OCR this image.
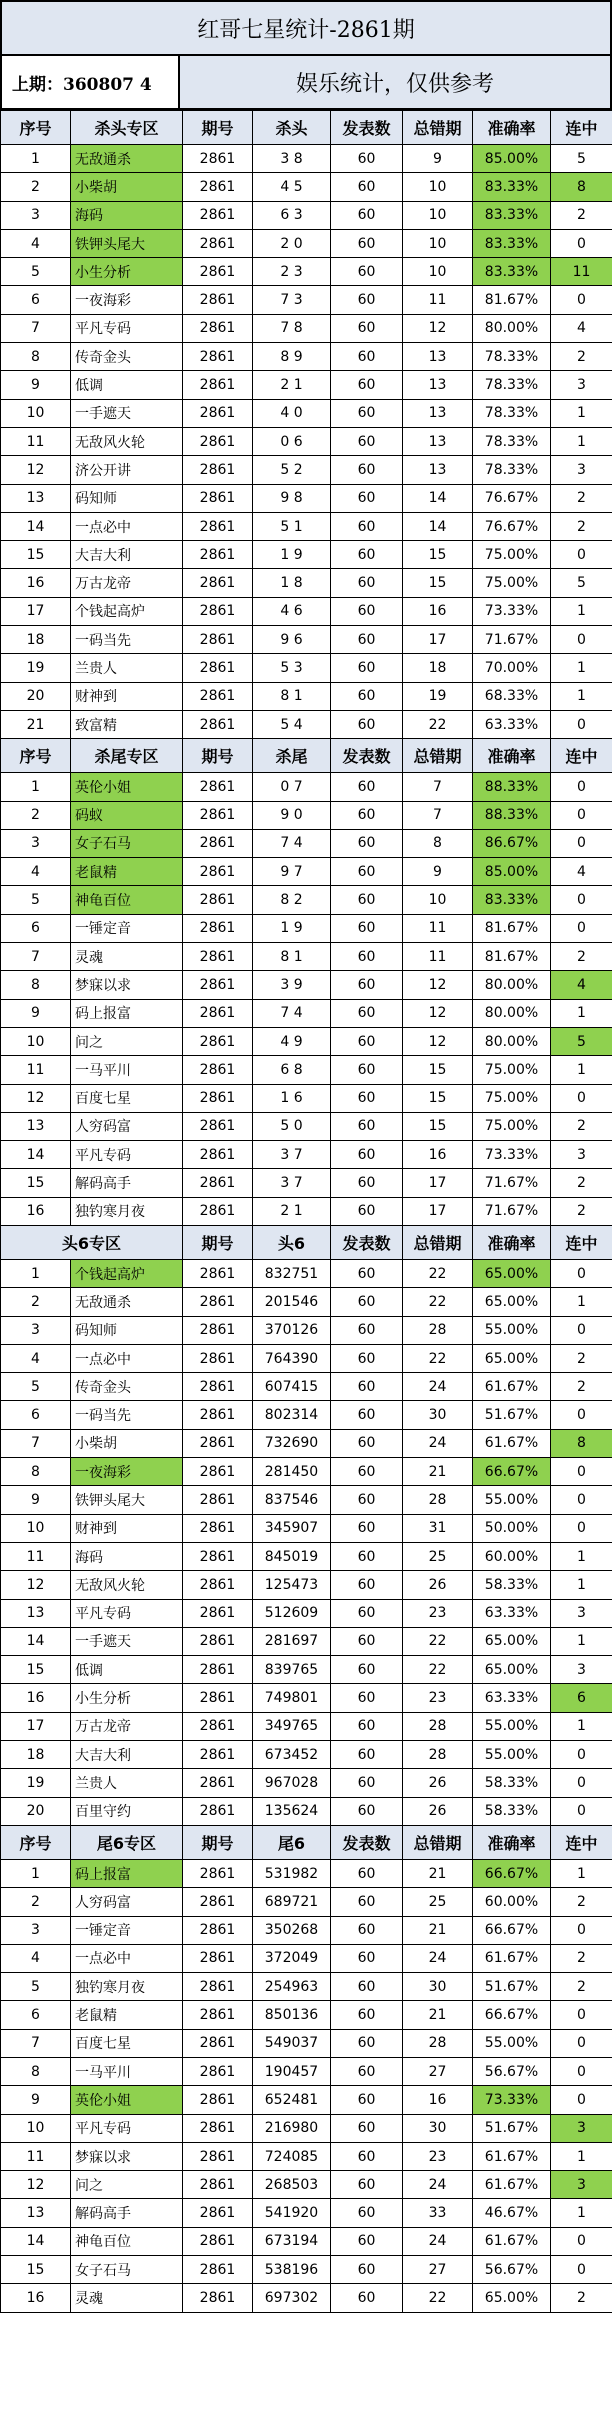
红哥七星统计-2861期
上期：360807 4	娱乐统计，仅供参考
序号	杀头专区	期号	杀头	发表数	总错期	准确率	连中
1	无敌通杀	2861	3 8	60	9	85.00%	5
2	小柴胡	2861	4 5	60	10	83.33%	8
3	海码	2861	6 3	60	10	83.33%	2
4	铁钾头尾大	2861	2 0	60	10	83.33%	0
5	小生分析	2861	2 3	60	10	83.33%	11
6	一夜海彩	2861	7 3	60	11	81.67%	0
7	平凡专码	2861	7 8	60	12	80.00%	4
8	传奇金头	2861	8 9	60	13	78.33%	2
9	低调	2861	2 1	60	13	78.33%	3
10	一手遮天	2861	4 0	60	13	78.33%	1
11	无敌风火轮	2861	0 6	60	13	78.33%	1
12	济公开讲	2861	5 2	60	13	78.33%	3
13	码知师	2861	9 8	60	14	76.67%	2
14	一点必中	2861	5 1	60	14	76.67%	2
15	大吉大利	2861	1 9	60	15	75.00%	0
16	万古龙帝	2861	1 8	60	15	75.00%	5
17	个钱起高炉	2861	4 6	60	16	73.33%	1
18	一码当先	2861	9 6	60	17	71.67%	0
19	兰贵人	2861	5 3	60	18	70.00%	1
20	财神到	2861	8 1	60	19	68.33%	1
21	致富精	2861	5 4	60	22	63.33%	0
序号	杀尾专区	期号	杀尾	发表数	总错期	准确率	连中
1	英伦小姐	2861	0 7	60	7	88.33%	0
2	码蚁	2861	9 0	60	7	88.33%	0
3	女子石马	2861	7 4	60	8	86.67%	0
4	老鼠精	2861	9 7	60	9	85.00%	4
5	神龟百位	2861	8 2	60	10	83.33%	0
6	一锤定音	2861	1 9	60	11	81.67%	0
7	灵魂	2861	8 1	60	11	81.67%	2
8	梦寐以求	2861	3 9	60	12	80.00%	4
9	码上报富	2861	7 4	60	12	80.00%	1
10	问之	2861	4 9	60	12	80.00%	5
11	一马平川	2861	6 8	60	15	75.00%	1
12	百度七星	2861	1 6	60	15	75.00%	0
13	人穷码富	2861	5 0	60	15	75.00%	2
14	平凡专码	2861	3 7	60	16	73.33%	3
15	解码高手	2861	3 7	60	17	71.67%	2
16	独钓寒月夜	2861	2 1	60	17	71.67%	2
头6专区		期号	头6	发表数	总错期	准确率	连中
1	个钱起高炉	2861	832751	60	22	65.00%	0
2	无敌通杀	2861	201546	60	22	65.00%	1
3	码知师	2861	370126	60	28	55.00%	0
4	一点必中	2861	764390	60	22	65.00%	2
5	传奇金头	2861	607415	60	24	61.67%	2
6	一码当先	2861	802314	60	30	51.67%	0
7	小柴胡	2861	732690	60	24	61.67%	8
8	一夜海彩	2861	281450	60	21	66.67%	0
9	铁钾头尾大	2861	837546	60	28	55.00%	0
10	财神到	2861	345907	60	31	50.00%	0
11	海码	2861	845019	60	25	60.00%	1
12	无敌风火轮	2861	125473	60	26	58.33%	1
13	平凡专码	2861	512609	60	23	63.33%	3
14	一手遮天	2861	281697	60	22	65.00%	1
15	低调	2861	839765	60	22	65.00%	3
16	小生分析	2861	749801	60	23	63.33%	6
17	万古龙帝	2861	349765	60	28	55.00%	1
18	大吉大利	2861	673452	60	28	55.00%	0
19	兰贵人	2861	967028	60	26	58.33%	0
20	百里守约	2861	135624	60	26	58.33%	0
序号	尾6专区	期号	尾6	发表数	总错期	准确率	连中
1	码上报富	2861	531982	60	21	66.67%	1
2	人穷码富	2861	689721	60	25	60.00%	2
3	一锤定音	2861	350268	60	21	66.67%	0
4	一点必中	2861	372049	60	24	61.67%	2
5	独钓寒月夜	2861	254963	60	30	51.67%	2
6	老鼠精	2861	850136	60	21	66.67%	0
7	百度七星	2861	549037	60	28	55.00%	0
8	一马平川	2861	190457	60	27	56.67%	0
9	英伦小姐	2861	652481	60	16	73.33%	0
10	平凡专码	2861	216980	60	30	51.67%	3
11	梦寐以求	2861	724085	60	23	61.67%	1
12	问之	2861	268503	60	24	61.67%	3
13	解码高手	2861	541920	60	33	46.67%	1
14	神龟百位	2861	673194	60	24	61.67%	0
15	女子石马	2861	538196	60	27	56.67%	0
16	灵魂	2861	697302	60	22	65.00%	2
